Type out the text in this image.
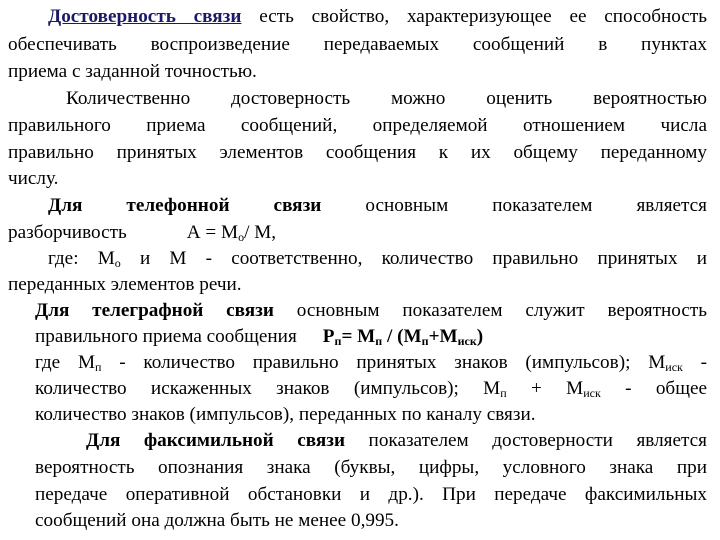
Достоверность связи есть свойство, характеризующее ее способность
обеспечивать воспроизведение передаваемых сообщений в пунктах
приема с заданной точностью.
Количественно достоверность можно оценить вероятностью
правильного приема сообщений, определяемой отношением числа
правильно принятых элементов сообщения к их общему переданному
числу.
Для телефонной связи основным показателем является
разборчивость	$А = М_о/$ М,
где: $М_о$ и М - соответственно, количество правильно принятых и
переданных элементов речи.
Для телеграфной связи основным показателем служит вероятность
правильного приема сообщения $Р_п= М_п / (М_п+М_{иск})$
где $М_п$ - количество правильно принятых знаков (импульсов); $М_{иск}$ -
количество искаженных знаков (импульсов); $М_п + М_{иск}$ - общее
количество знаков (импульсов), переданных по каналу связи.
Для факсимильной связи показателем достоверности является
вероятность опознания знака (буквы, цифры, условного знака при
передаче оперативной обстановки и др.). При передаче факсимильных
сообщений она должна быть не менее 0,995.
